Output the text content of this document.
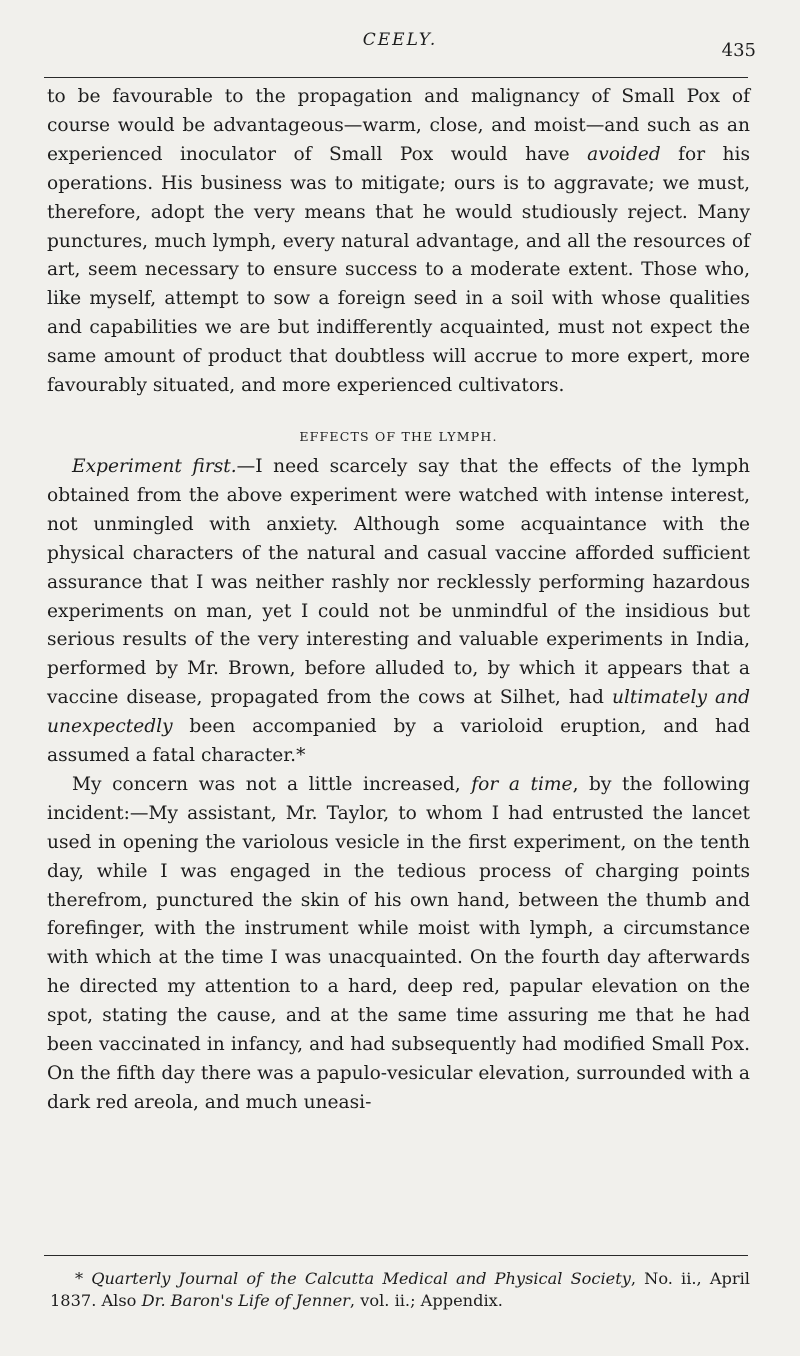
CEELY.	435

to be favourable to the propagation and malignancy of Small Pox of course would be advantageous—warm, close, and moist—and such as an experienced inoculator of Small Pox would have avoided for his operations. His business was to mitigate; ours is to aggravate; we must, therefore, adopt the very means that he would studiously reject. Many punctures, much lymph, every natural advantage, and all the resources of art, seem necessary to ensure success to a moderate extent. Those who, like myself, attempt to sow a foreign seed in a soil with whose qualities and capabilities we are but indifferently acquainted, must not expect the same amount of product that doubtless will accrue to more expert, more favourably situated, and more experienced cultivators.

EFFECTS OF THE LYMPH.

Experiment first.—I need scarcely say that the effects of the lymph obtained from the above experiment were watched with intense interest, not unmingled with anxiety. Although some acquaintance with the physical characters of the natural and casual vaccine afforded sufficient assurance that I was neither rashly nor recklessly performing hazardous experiments on man, yet I could not be unmindful of the insidious but serious results of the very interesting and valuable experiments in India, performed by Mr. Brown, before alluded to, by which it appears that a vaccine disease, propagated from the cows at Silhet, had ultimately and unexpectedly been accompanied by a varioloid eruption, and had assumed a fatal character.*

My concern was not a little increased, for a time, by the following incident:—My assistant, Mr. Taylor, to whom I had entrusted the lancet used in opening the variolous vesicle in the first experiment, on the tenth day, while I was engaged in the tedious process of charging points therefrom, punctured the skin of his own hand, between the thumb and forefinger, with the instrument while moist with lymph, a circumstance with which at the time I was unacquainted. On the fourth day afterwards he directed my attention to a hard, deep red, papular elevation on the spot, stating the cause, and at the same time assuring me that he had been vaccinated in infancy, and had subsequently had modified Small Pox. On the fifth day there was a papulo-vesicular elevation, surrounded with a dark red areola, and much uneasi-

* Quarterly Journal of the Calcutta Medical and Physical Society, No. ii., April 1837. Also Dr. Baron's Life of Jenner, vol. ii.; Appendix.
